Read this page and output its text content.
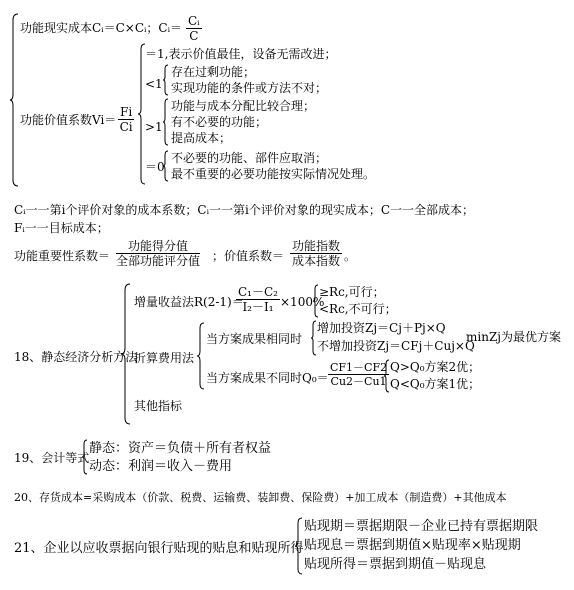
功能现实成本Cᵢ＝C×Cᵢ；Cᵢ＝ Cᵢ
C
功能价值系数Vi＝
Fi
Ci
＝1,表示价值最佳，设备无需改进；
<1
存在过剩功能；
实现功能的条件或方法不对；
>1
功能与成本分配比较合理；
有不必要的功能；
提高成本；
＝0
不必要的功能、部件应取消；
最不重要的必要功能按实际情况处理。
Cᵢ一一第i个评价对象的成本系数；Cᵢ一一第i个评价对象的现实成本；C一一全部成本；
Fᵢ一一目标成本；
功能重要性系数＝
功能得分值
全部功能评分值 ；价值系数＝
功能指数
成本指数 。
18、静态经济分析方法
增量收益法R(2-1)＝
C₁－C₂
I₂－I₁ ×100%
≥Rc,可行；
<Rc,不可行；
折算费用法
当方案成果相同时
增加投资Zj＝Cj＋Pj×Q
不增加投资Zj＝CFj＋Cuj×Q
minZj为最优方案
当方案成果不同时Q₀＝
CF1－CF2
Cu2－Cu1
Q>Q₀方案2优；
Q<Q₀方案1优；
其他指标
19、会计等式
静态：资产＝负债＋所有者权益
动态：利润＝收入－费用
20、存货成本=采购成本（价款、税费、运输费、装卸费、保险费）+加工成本（制造费）+其他成本
21、企业以应收票据向银行贴现的贴息和贴现所得
贴现期＝票据期限－企业已持有票据期限
贴现息＝票据到期值×贴现率×贴现期
贴现所得＝票据到期值－贴现息
